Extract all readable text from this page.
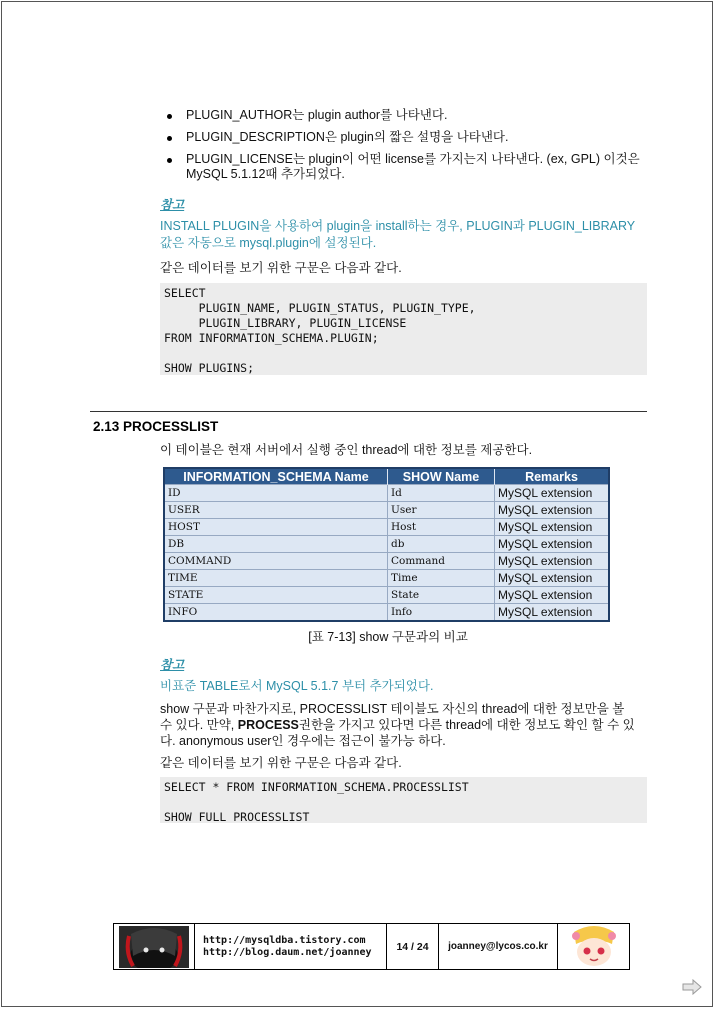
PLUGIN_AUTHOR는 plugin author를 나타낸다.
PLUGIN_DESCRIPTION은 plugin의 짧은 설명을 나타낸다.
PLUGIN_LICENSE는 plugin이 어떤 license를 가지는지 나타낸다. (ex, GPL) 이것은 MySQL 5.1.12때 추가되었다.
참고
INSTALL PLUGIN을 사용하여 plugin을 install하는 경우, PLUGIN과 PLUGIN_LIBRARY 값은 자동으로 mysql.plugin에 설정된다.
같은 데이터를 보기 위한 구문은 다음과 같다.
SELECT
PLUGIN_NAME, PLUGIN_STATUS, PLUGIN_TYPE,
PLUGIN_LIBRARY, PLUGIN_LICENSE
FROM INFORMATION_SCHEMA.PLUGIN;

SHOW PLUGINS;
2.13 PROCESSLIST
이 테이블은 현재 서버에서 실행 중인 thread에 대한 정보를 제공한다.
INFORMATION_SCHEMA Name	SHOW Name	Remarks
ID	Id	MySQL extension
USER	User	MySQL extension
HOST	Host	MySQL extension
DB	db	MySQL extension
COMMAND	Command	MySQL extension
TIME	Time	MySQL extension
STATE	State	MySQL extension
INFO	Info	MySQL extension
[표 7-13] show 구문과의 비교
참고
비표준 TABLE로서 MySQL 5.1.7 부터 추가되었다.
show 구문과 마찬가지로, PROCESSLIST 테이블도 자신의 thread에 대한 정보만을 볼 수 있다. 만약, PROCESS권한을 가지고 있다면 다른 thread에 대한 정보도 확인 할 수 있다. anonymous user인 경우에는 접근이 불가능 하다.
같은 데이터를 보기 위한 구문은 다음과 같다.
SELECT * FROM INFORMATION_SCHEMA.PROCESSLIST

SHOW FULL PROCESSLIST
http://mysqldba.tistory.com
http://blog.daum.net/joanney	14 / 24	joanney@lycos.co.kr
